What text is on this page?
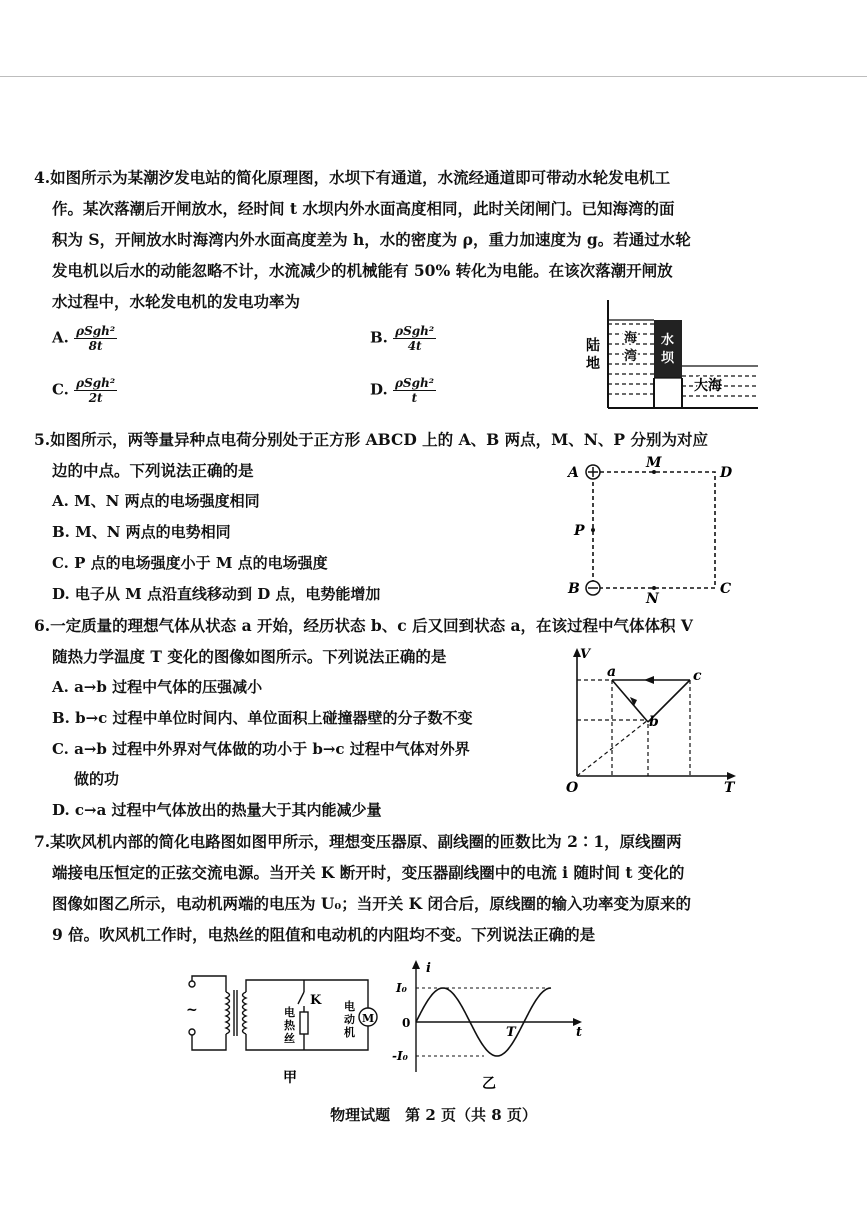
4.如图所示为某潮汐发电站的简化原理图，水坝下有通道，水流经通道即可带动水轮发电机工
作。某次落潮后开闸放水，经时间 t 水坝内外水面高度相同，此时关闭闸门。已知海湾的面
积为 S，开闸放水时海湾内外水面高度差为 h，水的密度为 ρ，重力加速度为 g。若通过水轮
发电机以后水的动能忽略不计，水流减少的机械能有 50% 转化为电能。在该次落潮开闸放
水过程中，水轮发电机的发电功率为
A. $\frac{\text{ρSgh²}}{8t}$	B. $\frac{\text{ρSgh²}}{4t}$
C. $\frac{\text{ρSgh²}}{2t}$	D. $\frac{\text{ρSgh²}}{t}$
陆
地
海
湾
水
坝
大海
5.如图所示，两等量异种点电荷分别处于正方形 ABCD 上的 A、B 两点，M、N、P 分别为对应
边的中点。下列说法正确的是
A. M、N 两点的电场强度相同
B. M、N 两点的电势相同
C. P 点的电场强度小于 M 点的电场强度
D. 电子从 M 点沿直线移动到 D 点，电势能增加
A
B	C
D
M
N
P
6.一定质量的理想气体从状态 a 开始，经历状态 b、c 后又回到状态 a，在该过程中气体体积 V
随热力学温度 T 变化的图像如图所示。下列说法正确的是
A. a→b 过程中气体的压强减小
B. b→c 过程中单位时间内、单位面积上碰撞器壁的分子数不变
C. a→b 过程中外界对气体做的功小于 b→c 过程中气体对外界
做的功
D. c→a 过程中气体放出的热量大于其内能减少量
V
T
O
a
b
c
7.某吹风机内部的简化电路图如图甲所示，理想变压器原、副线圈的匝数比为 2∶1，原线圈两
端接电压恒定的正弦交流电源。当开关 K 断开时，变压器副线圈中的电流 i 随时间 t 变化的
图像如图乙所示，电动机两端的电压为 U₀；当开关 K 闭合后，原线圈的输入功率变为原来的
9 倍。吹风机工作时，电热丝的阻值和电动机的内阻均不变。下列说法正确的是
~
M
K
电
热
丝
电
动
机
甲
i
t
I₀
0
-I₀
T
乙
物理试题　第 2 页（共 8 页）
